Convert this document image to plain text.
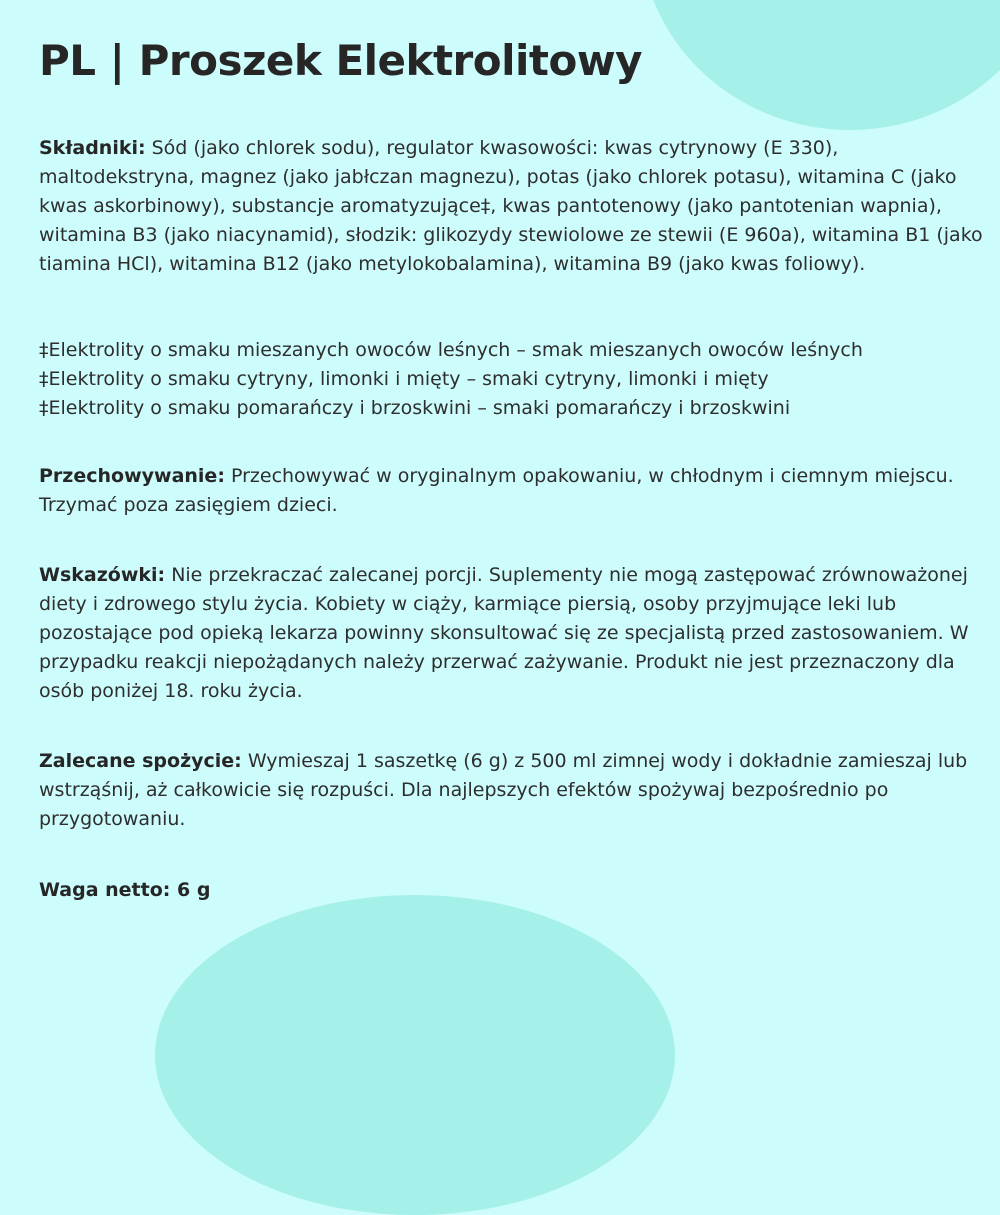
PL | Proszek Elektrolitowy

Składniki: Sód (jako chlorek sodu), regulator kwasowości: kwas cytrynowy (E 330), maltodekstryna, magnez (jako jabłczan magnezu), potas (jako chlorek potasu), witamina C (jako kwas askorbinowy), substancje aromatyzujące‡, kwas pantotenowy (jako pantotenian wapnia), witamina B3 (jako niacynamid), słodzik: glikozydy stewiolowe ze stewii (E 960a), witamina B1 (jako tiamina HCl), witamina B12 (jako metylokobalamina), witamina B9 (jako kwas foliowy).

‡Elektrolity o smaku mieszanych owoców leśnych – smak mieszanych owoców leśnych
‡Elektrolity o smaku cytryny, limonki i mięty – smaki cytryny, limonki i mięty
‡Elektrolity o smaku pomarańczy i brzoskwini – smaki pomarańczy i brzoskwini

Przechowywanie: Przechowywać w oryginalnym opakowaniu, w chłodnym i ciemnym miejscu. Trzymać poza zasięgiem dzieci.

Wskazówki: Nie przekraczać zalecanej porcji. Suplementy nie mogą zastępować zrównoważonej diety i zdrowego stylu życia. Kobiety w ciąży, karmiące piersią, osoby przyjmujące leki lub pozostające pod opieką lekarza powinny skonsultować się ze specjalistą przed zastosowaniem. W przypadku reakcji niepożądanych należy przerwać zażywanie. Produkt nie jest przeznaczony dla osób poniżej 18. roku życia.

Zalecane spożycie: Wymieszaj 1 saszetkę (6 g) z 500 ml zimnej wody i dokładnie zamieszaj lub wstrząśnij, aż całkowicie się rozpuści. Dla najlepszych efektów spożywaj bezpośrednio po przygotowaniu.

Waga netto: 6 g
